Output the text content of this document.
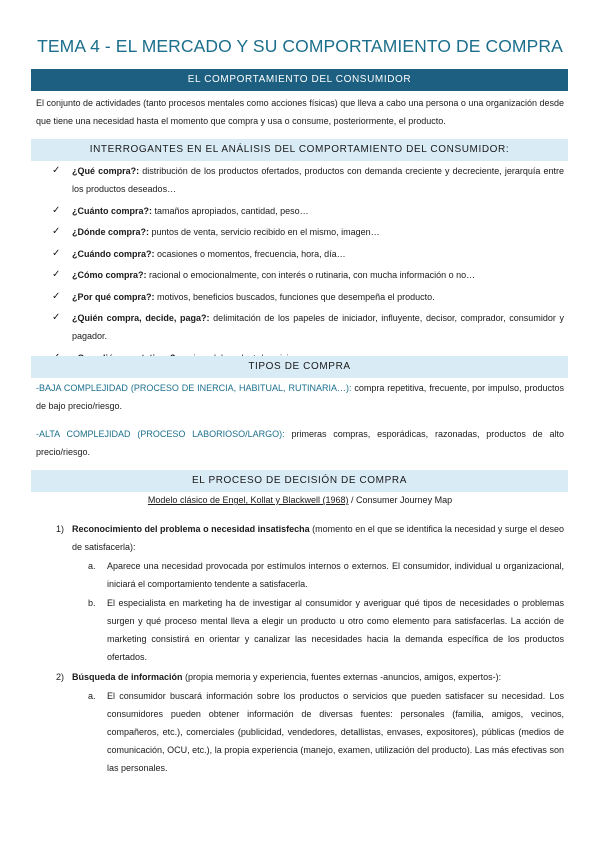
TEMA 4 - EL MERCADO Y SU COMPORTAMIENTO DE COMPRA
EL COMPORTAMIENTO DEL CONSUMIDOR
El conjunto de actividades (tanto procesos mentales como acciones físicas) que lleva a cabo una persona o una organización desde que tiene una necesidad hasta el momento que compra y usa o consume, posteriormente, el producto.
INTERROGANTES EN EL ANÁLISIS DEL COMPORTAMIENTO DEL CONSUMIDOR:
✓ ¿Qué compra?: distribución de los productos ofertados, productos con demanda creciente y decreciente, jerarquía entre los productos deseados…
✓ ¿Cuánto compra?: tamaños apropiados, cantidad, peso…
✓ ¿Dónde compra?: puntos de venta, servicio recibido en el mismo, imagen…
✓ ¿Cuándo compra?: ocasiones o momentos, frecuencia, hora, día…
✓ ¿Cómo compra?: racional o emocionalmente, con interés o rutinaria, con mucha información o no…
✓ ¿Por qué compra?: motivos, beneficios buscados, funciones que desempeña el producto.
✓ ¿Quién compra, decide, paga?: delimitación de los papeles de iniciador, influyente, decisor, comprador, consumidor y pagador.
TIPOS DE COMPRA
-BAJA COMPLEJIDAD (PROCESO DE INERCIA, HABITUAL, RUTINARIA…): compra repetitiva, frecuente, por impulso, productos de bajo precio/riesgo.
-ALTA COMPLEJIDAD (PROCESO LABORIOSO/LARGO): primeras compras, esporádicas, razonadas, productos de alto precio/riesgo.
EL PROCESO DE DECISIÓN DE COMPRA
Modelo clásico de Engel, Kollat y Blackwell (1968) / Consumer Journey Map
1) Reconocimiento del problema o necesidad insatisfecha (momento en el que se identifica la necesidad y surge el deseo de satisfacerla):
a. Aparece una necesidad provocada por estímulos internos o externos. El consumidor, individual u organizacional, iniciará el comportamiento tendente a satisfacerla.
b. El especialista en marketing ha de investigar al consumidor y averiguar qué tipos de necesidades o problemas surgen y qué proceso mental lleva a elegir un producto u otro como elemento para satisfacerlas. La acción de marketing consistirá en orientar y canalizar las necesidades hacia la demanda específica de los productos ofertados.
2) Búsqueda de información (propia memoria y experiencia, fuentes externas -anuncios, amigos, expertos-):
a. El consumidor buscará información sobre los productos o servicios que pueden satisfacer su necesidad. Los consumidores pueden obtener información de diversas fuentes: personales (familia, amigos, vecinos, compañeros, etc.), comerciales (publicidad, vendedores, detallistas, envases, expositores), públicas (medios de comunicación, OCU, etc.), la propia experiencia (manejo, examen, utilización del producto). Las más efectivas son las personales.
